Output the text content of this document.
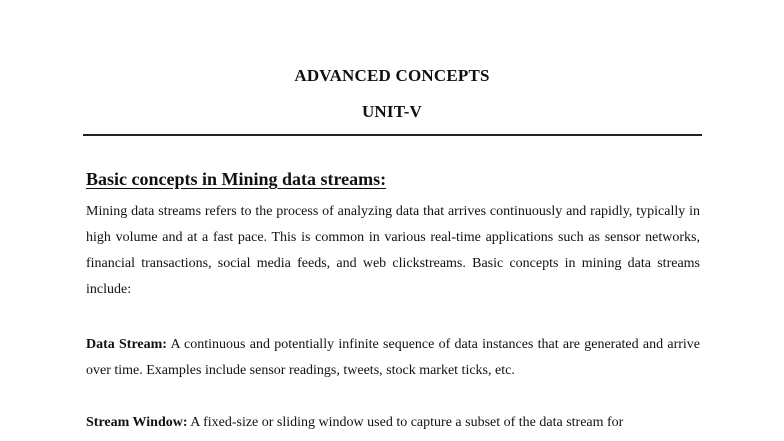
ADVANCED CONCEPTS
UNIT-V
Basic concepts in Mining data streams:
Mining data streams refers to the process of analyzing data that arrives continuously and rapidly, typically in high volume and at a fast pace. This is common in various real-time applications such as sensor networks, financial transactions, social media feeds, and web clickstreams. Basic concepts in mining data streams include:
Data Stream: A continuous and potentially infinite sequence of data instances that are generated and arrive over time. Examples include sensor readings, tweets, stock market ticks, etc.
Stream Window: A fixed-size or sliding window used to capture a subset of the data stream for
